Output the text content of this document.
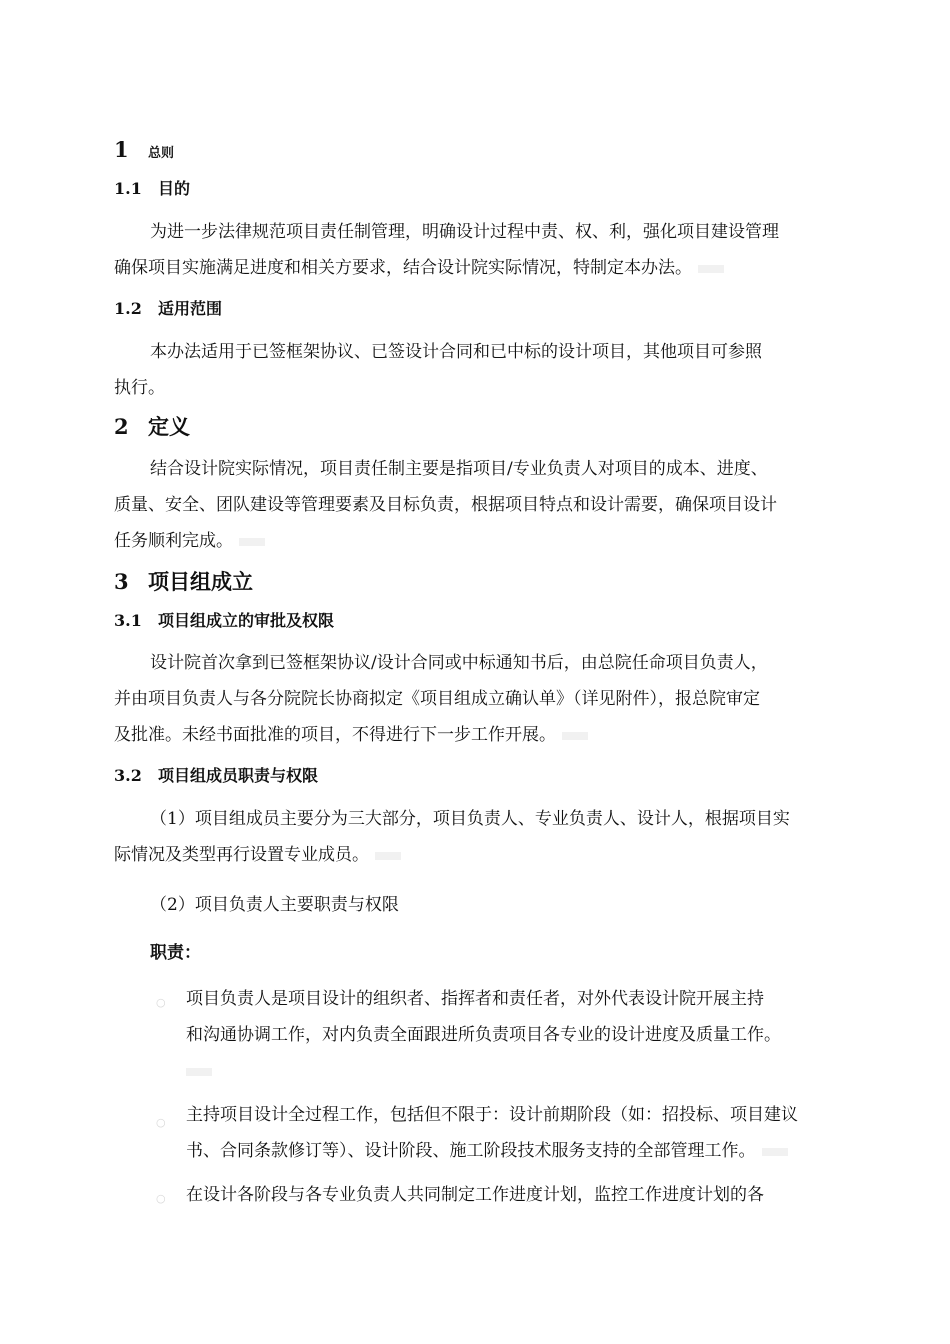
1 总则
1.1 目的
为进一步法律规范项目责任制管理，明确设计过程中责、权、利，强化项目建设管理
确保项目实施满足进度和相关方要求，结合设计院实际情况，特制定本办法。
1.2 适用范围
本办法适用于已签框架协议、已签设计合同和已中标的设计项目，其他项目可参照
执行。
2 定义
结合设计院实际情况，项目责任制主要是指项目/专业负责人对项目的成本、进度、
质量、安全、团队建设等管理要素及目标负责，根据项目特点和设计需要，确保项目设计
任务顺利完成。
3 项目组成立
3.1 项目组成立的审批及权限
设计院首次拿到已签框架协议/设计合同或中标通知书后，由总院任命项目负责人，
并由项目负责人与各分院院长协商拟定《项目组成立确认单》（详见附件），报总院审定
及批准。未经书面批准的项目，不得进行下一步工作开展。
3.2 项目组成员职责与权限
（1）项目组成员主要分为三大部分，项目负责人、专业负责人、设计人，根据项目实
际情况及类型再行设置专业成员。
（2）项目负责人主要职责与权限
职责：
○ 项目负责人是项目设计的组织者、指挥者和责任者，对外代表设计院开展主持
和沟通协调工作，对内负责全面跟进所负责项目各专业的设计进度及质量工作。
○ 主持项目设计全过程工作，包括但不限于：设计前期阶段（如：招投标、项目建议
书、合同条款修订等）、设计阶段、施工阶段技术服务支持的全部管理工作。
○ 在设计各阶段与各专业负责人共同制定工作进度计划，监控工作进度计划的各
